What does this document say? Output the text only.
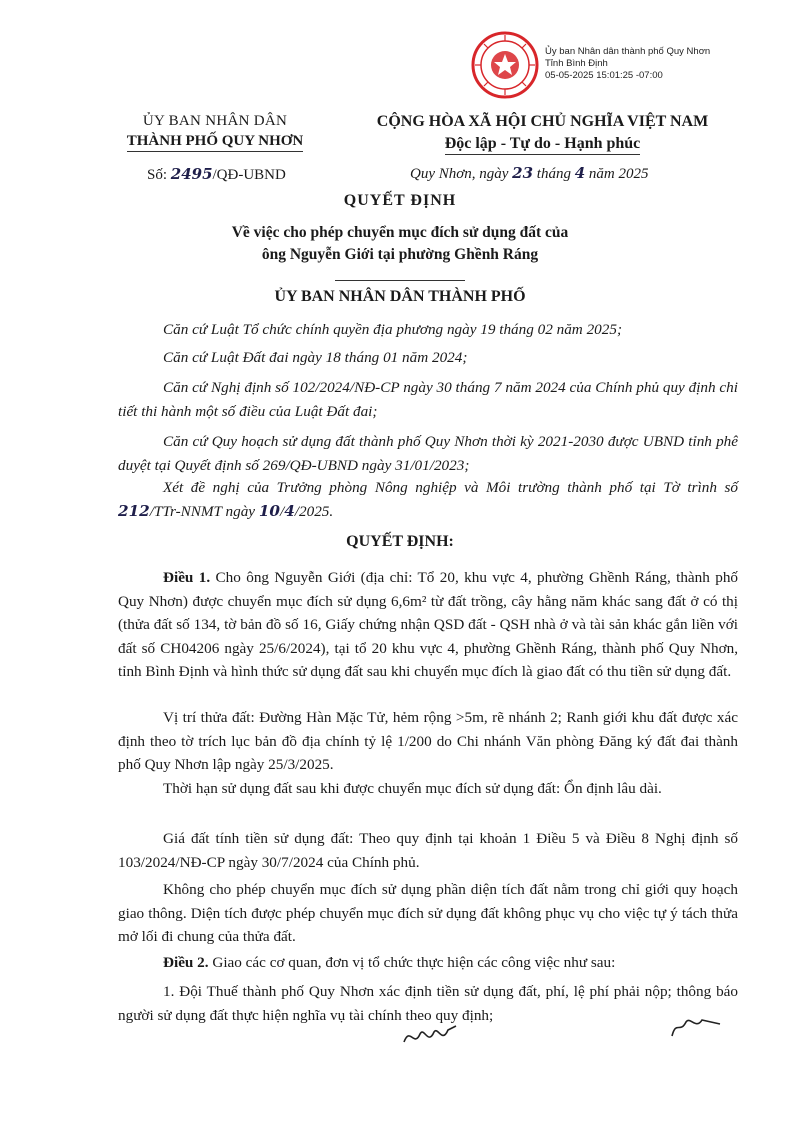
Ủy ban Nhân dân thành phố Quy Nhơn
Tỉnh Bình Định
05-05-2025 15:01:25 -07:00
ỦY BAN NHÂN DÂN
THÀNH PHỐ QUY NHƠN
CỘNG HÒA XÃ HỘI CHỦ NGHĨA VIỆT NAM
Độc lập - Tự do - Hạnh phúc
Số: 2495/QĐ-UBND	Quy Nhơn, ngày 23 tháng 4 năm 2025
QUYẾT ĐỊNH
Về việc cho phép chuyển mục đích sử dụng đất của
ông Nguyễn Giới tại phường Ghềnh Ráng
ỦY BAN NHÂN DÂN THÀNH PHỐ
Căn cứ Luật Tổ chức chính quyền địa phương ngày 19 tháng 02 năm 2025;
Căn cứ Luật Đất đai ngày 18 tháng 01 năm 2024;
Căn cứ Nghị định số 102/2024/NĐ-CP ngày 30 tháng 7 năm 2024 của Chính phủ quy định chi tiết thi hành một số điều của Luật Đất đai;
Căn cứ Quy hoạch sử dụng đất thành phố Quy Nhơn thời kỳ 2021-2030 được UBND tỉnh phê duyệt tại Quyết định số 269/QĐ-UBND ngày 31/01/2023;
Xét đề nghị của Trưởng phòng Nông nghiệp và Môi trường thành phố tại Tờ trình số 212/TTr-NNMT ngày 10/4/2025.
QUYẾT ĐỊNH:
Điều 1. Cho ông Nguyễn Giới (địa chỉ: Tổ 20, khu vực 4, phường Ghềnh Ráng, thành phố Quy Nhơn) được chuyển mục đích sử dụng 6,6m² từ đất trồng, cây hằng năm khác sang đất ở có thị (thửa đất số 134, tờ bản đồ số 16, Giấy chứng nhận QSD đất - QSH nhà ở và tài sản khác gắn liền với đất số CH04206 ngày 25/6/2024), tại tổ 20 khu vực 4, phường Ghềnh Ráng, thành phố Quy Nhơn, tỉnh Bình Định và hình thức sử dụng đất sau khi chuyển mục đích là giao đất có thu tiền sử dụng đất.
Vị trí thửa đất: Đường Hàn Mặc Tử, hẻm rộng >5m, rẽ nhánh 2; Ranh giới khu đất được xác định theo tờ trích lục bản đồ địa chính tỷ lệ 1/200 do Chi nhánh Văn phòng Đăng ký đất đai thành phố Quy Nhơn lập ngày 25/3/2025.
Thời hạn sử dụng đất sau khi được chuyển mục đích sử dụng đất: Ổn định lâu dài.
Giá đất tính tiền sử dụng đất: Theo quy định tại khoản 1 Điều 5 và Điều 8 Nghị định số 103/2024/NĐ-CP ngày 30/7/2024 của Chính phủ.
Không cho phép chuyển mục đích sử dụng phần diện tích đất nằm trong chỉ giới quy hoạch giao thông. Diện tích được phép chuyển mục đích sử dụng đất không phục vụ cho việc tự ý tách thửa mở lối đi chung của thửa đất.
Điều 2. Giao các cơ quan, đơn vị tổ chức thực hiện các công việc như sau:
1. Đội Thuế thành phố Quy Nhơn xác định tiền sử dụng đất, phí, lệ phí phải nộp; thông báo người sử dụng đất thực hiện nghĩa vụ tài chính theo quy định;
